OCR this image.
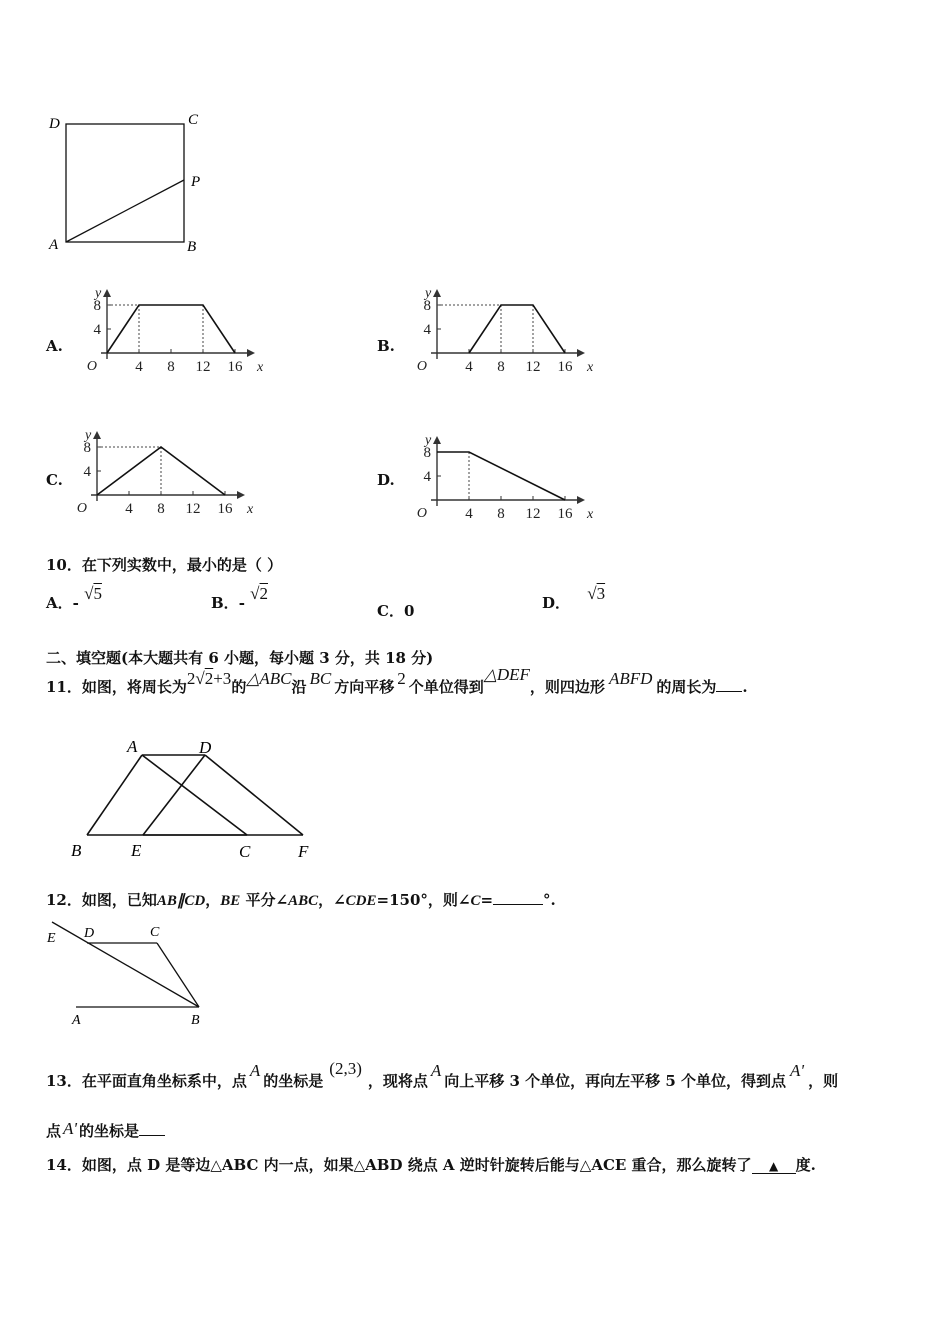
D	C
P
A	B
A.	B.
C.	D.
4 8 12 16
8
4
O	x
y
4 8 12 16
8
4
O	x
y
4 8 12 16
8
4
O	x
y
4 8 12 16
8
4
O	x
y
10．在下列实数中，最小的是（ ）
A．- √5	B．- √2
C．0	D． √3
二、填空题(本大题共有 6 小题，每小题 3 分，共 18 分)
11．如图，将周长为2√2+3的△ABC沿 BC 方向平移 2 个单位得到△DEF，则四边形 ABFD 的周长为 .
A	D
B	E	C	F
12．如图，已知AB∥CD，BE 平分∠ABC，∠CDE=150°，则∠C=	°.
E D	C
A	B
13．在平面直角坐标系中，点A的坐标是(2,3)，现将点A向上平移 3 个单位，再向左平移 5 个单位，得到点A'，则
点 A' 的坐标是
14．如图，点 D 是等边△ABC 内一点，如果△ABD 绕点 A 逆时针旋转后能与△ACE 重合，那么旋转了 ▲ 度.
